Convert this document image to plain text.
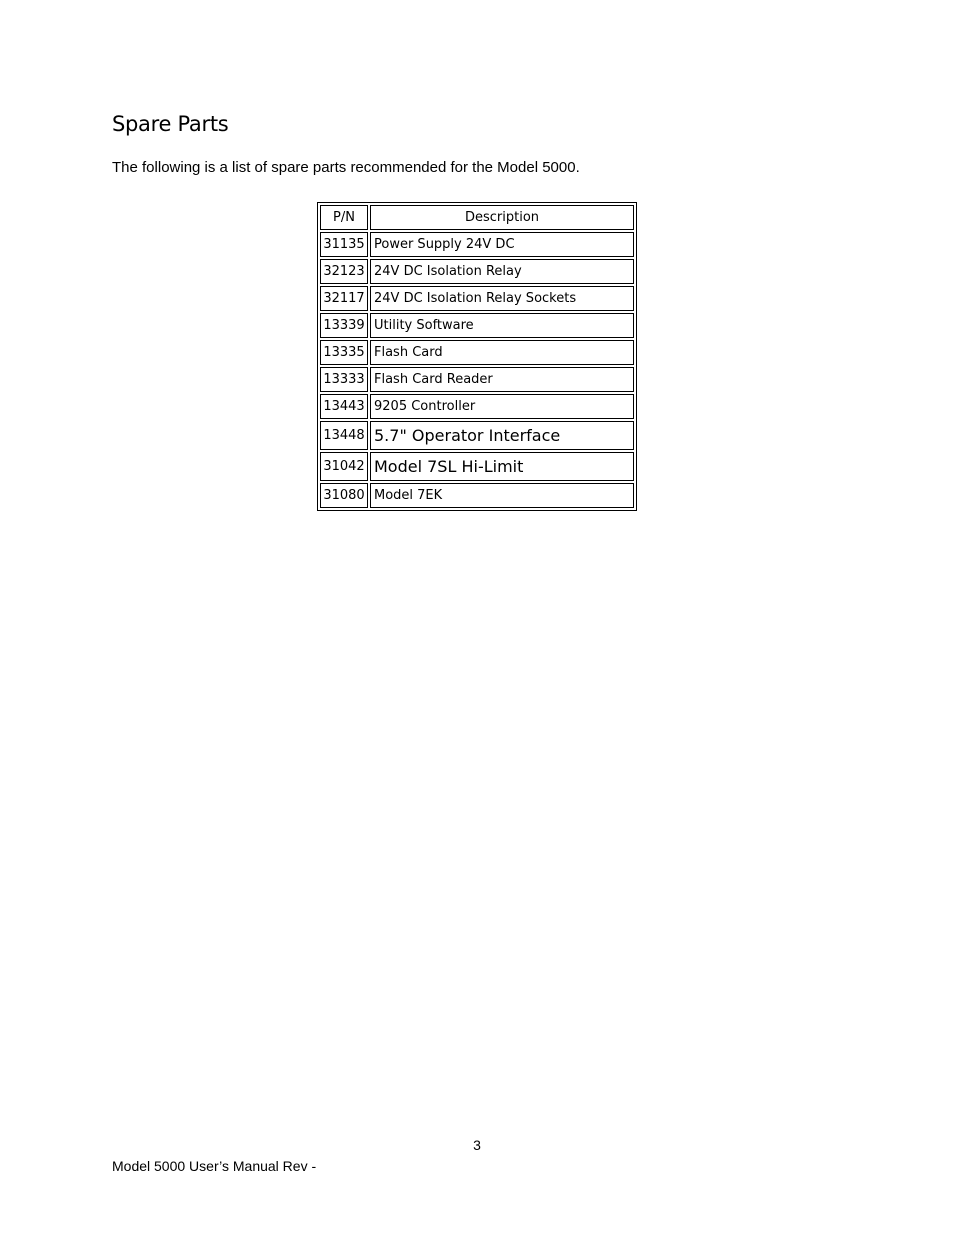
Spare Parts

The following is a list of spare parts recommended for the Model 5000.

P/N	Description
31135	Power Supply 24V DC
32123	24V DC Isolation Relay
32117	24V DC Isolation Relay Sockets
13339	Utility Software
13335	Flash Card
13333	Flash Card Reader
13443	9205 Controller
13448	5.7" Operator Interface
31042	Model 7SL Hi-Limit
31080	Model 7EK
3
Model 5000 User’s Manual Rev -
